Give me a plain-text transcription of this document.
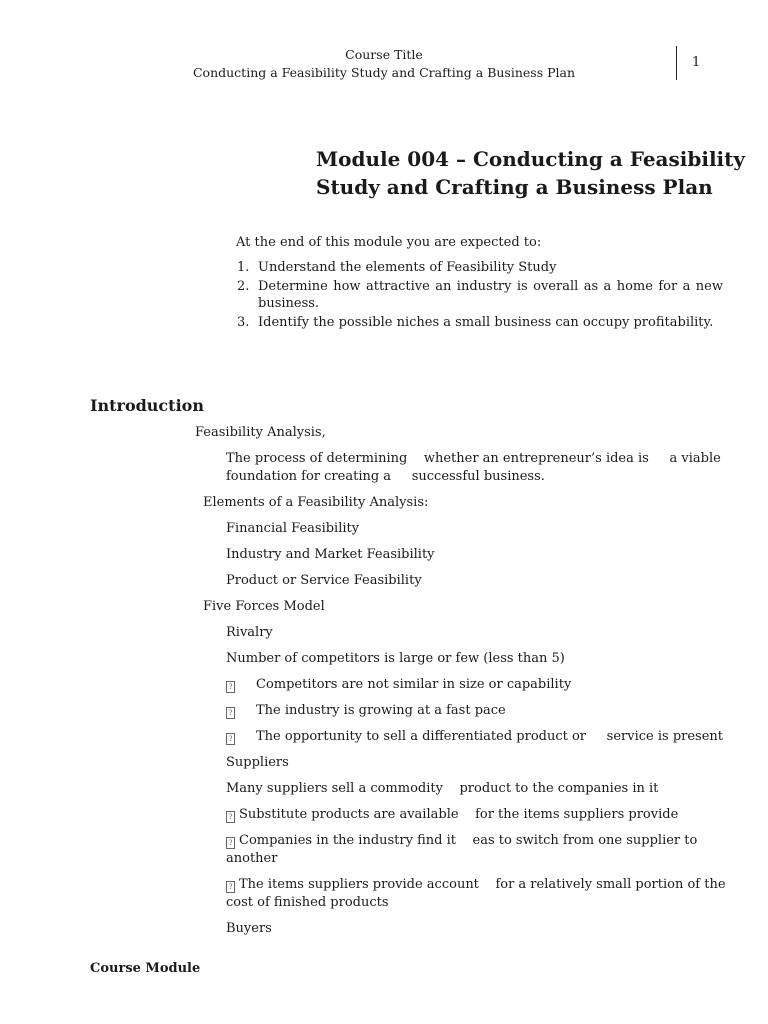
Course Title
Conducting a Feasibility Study and Crafting a Business Plan
1
Module 004 – Conducting a Feasibility
Study and Crafting a Business Plan
At the end of this module you are expected to:
1. Understand the elements of Feasibility Study
2. Determine how attractive an industry is overall as a home for a new
business.
3. Identify the possible niches a small business can occupy profitability.
Introduction
Feasibility Analysis,
The process of determining    whether an entrepreneur’s idea is     a viable
foundation for creating a     successful business.
Elements of a Feasibility Analysis:
Financial Feasibility
Industry and Market Feasibility
Product or Service Feasibility
Five Forces Model
Rivalry
Number of competitors is large or few (less than 5)
? Competitors are not similar in size or capability
? The industry is growing at a fast pace
? The opportunity to sell a differentiated product or     service is present
Suppliers
Many suppliers sell a commodity    product to the companies in it
? Substitute products are available    for the items suppliers provide
? Companies in the industry find it    eas to switch from one supplier to
another
? The items suppliers provide account    for a relatively small portion of the
cost of finished products
Buyers
Course Module
